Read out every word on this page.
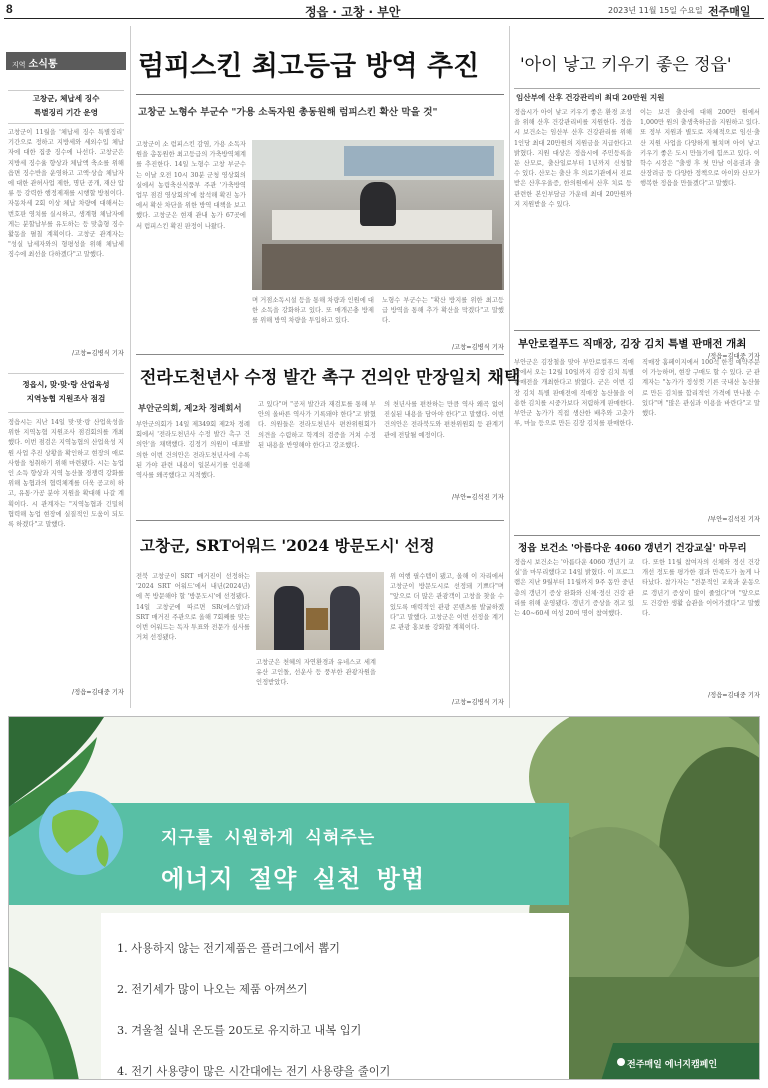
8	정읍 · 고창 · 부안	2023년 11월 15일 수요일 전주매일
지역 소식통
고창군, 체납세 징수
특별징리 기간 운영
고창군이 11월을 '체납세 징수 특별징리' 기간으로 정하고 지방세와 세외수입 체납자에 대한 집중 징수에 나선다. 고창군은 지방세 징수율 향상과 체납액 축소를 위해 읍면 징수반을 운영하고 고액·상습 체납자에 대한 관허사업 제한, 명단 공개, 재산 압류 등 강력한 행정제재를 시행할 방침이다. 자동차세 2회 이상 체납 차량에 대해서는 번호판 영치를 실시하고, 생계형 체납자에게는 분할납부를 유도하는 등 맞춤형 징수 활동을 펼칠 계획이다. 고창군 관계자는 "성실 납세자와의 형평성을 위해 체납세 징수에 최선을 다하겠다"고 말했다.
/고창=김병식 기자
정읍시, 맞·맞·랑 산업육성
지역농협 지원조사 점검
정읍시는 지난 14일 맞·맞·랑 산업육성을 위한 지역농협 지원조사 점검회의를 개최했다. 이번 점검은 지역농협의 산업육성 지원 사업 추진 상황을 확인하고 현장의 애로사항을 청취하기 위해 마련됐다. 시는 농업인 소득 향상과 지역 농산물 경쟁력 강화를 위해 농협과의 협력체계를 더욱 공고히 하고, 유통·가공 분야 지원을 확대해 나갈 계획이다. 시 관계자는 "지역농협과 긴밀히 협력해 농업 현장에 실질적인 도움이 되도록 하겠다"고 말했다.
/정읍=김대중 기자
럼피스킨 최고등급 방역 추진
고창군 노형수 부군수 "가용 소독자원 총동원해 럼피스킨 확산 막을 것"
고창군이 소 럼피스킨 감염, 가용 소독자원을 총동원한 최고등급의 가축방역체계를 추진한다. 14일 노형수 고창 부군수는 이날 오전 10시 30분 군청 영상회의실에서 농림축산식품부 주관 '가축방역 업무 점검 영상회의'에 참석해 확진 농가에서 확산 차단을 위한 방역 대책을 보고했다. 고창군은 현재 관내 농가 67곳에서 럼피스킨 확진 판정이 나왔다.
며 거점소독시설 등을 통해 차량과 인원에 대한 소독을 강화하고 있다. 또 매개곤충 방제를 위해 방역 차량을 투입하고 있다.
노형수 부군수는 "확산 방지를 위한 최고등급 방역을 통해 추가 확산을 막겠다"고 말했다.
/고창=김병식 기자
'아이 낳고 키우기 좋은 정읍'
임산부에 산후 건강관리비 최대 20만원 지원
정읍시가 아이 낳고 키우기 좋은 환경 조성을 위해 산후 건강관리비를 지원한다. 정읍시 보건소는 임산부 산후 건강관리를 위해 1인당 최대 20만원의 지원금을 지급한다고 밝혔다. 지원 대상은 정읍시에 주민등록을 둔 산모로, 출산일로부터 1년까지 신청할 수 있다. 산모는 출산 후 의료기관에서 진료받은 산후우울증, 한의원에서 산후 치료 등 관련한 본인부담금 가운데 최대 20만원까지 지원받을 수 있다.
이는 보건 출산에 대해 200만 원에서 1,000만 원의 출생축하금을 지원하고 있다. 또 정부 지원과 별도로 자체적으로 임신·출산 지원 사업을 다양하게 펼치며 아이 낳고 키우기 좋은 도시 만들기에 힘쓰고 있다. 이학수 시장은 "출생 후 첫 만남 이용권과 출산장려금 등 다양한 정책으로 아이와 산모가 행복한 정읍을 만들겠다"고 말했다.
/정읍=김대중 기자
전라도천년사 수정 발간 촉구 건의안 만장일치 채택
부안군의회, 제2차 정례회서
부안군의회가 14일 제349회 제2차 정례회에서 '전라도천년사 수정 발간 촉구 건의안'을 채택했다. 김정기 의원이 대표발의한 이번 건의안은 전라도천년사에 수록된 가야 관련 내용이 일본서기를 인용해 역사를 왜곡했다고 지적했다.
고 있다"며 "공저 발간과 재검토를 통해 부안의 올바른 역사가 기록돼야 한다"고 밝혔다. 의원들은 전라도천년사 편찬위원회가 의견을 수렴하고 학계의 검증을 거쳐 수정된 내용을 반영해야 한다고 강조했다.
의 천년사를 편찬하는 만큼 역사 왜곡 없이 진실된 내용을 담아야 한다"고 말했다. 이번 건의안은 전라북도와 편찬위원회 등 관계기관에 전달될 예정이다.
/부안=김석진 기자
고창군, SRT어워드 '2024 방문도시' 선정
전북 고창군이 SRT 매거진이 선정하는 '2024 SRT 어워드'에서 내년(2024년)에 꼭 방문해야 할 '방문도시'에 선정됐다. 14일 고창군에 따르면 SR(에스알)과 SRT 매거진 주관으로 올해 7회째를 맞는 이번 어워드는 독자 투표와 전문가 심사를 거쳐 선정됐다.
고창군은 천혜의 자연환경과 유네스코 세계유산 고인돌, 선운사 등 풍부한 관광자원을 인정받았다.
위 여행 필수템이 됐고, 올해 이 자리에서 고창군이 방문도시로 선정돼 기쁘다"며 "앞으로 더 많은 관광객이 고창을 찾을 수 있도록 매력적인 관광 콘텐츠를 발굴하겠다"고 말했다. 고창군은 이번 선정을 계기로 관광 홍보를 강화할 계획이다.
/고창=김병식 기자
부안로컬푸드 직매장, 김장 김치 특별 판매전 개최
부안군은 김장철을 맞아 부안로컬푸드 직매장에서 오는 12월 10일까지 김장 김치 특별 판매전을 개최한다고 밝혔다. 군은 이번 김장 김치 특별 판매전에 직매장 농산물을 이용한 김치를 시중가보다 저렴하게 판매한다. 부안군 농가가 직접 생산한 배추와 고춧가루, 마늘 등으로 만든 김장 김치를 판매한다.
직매장 홈페이지에서 100석 한정 예약주문이 가능하며, 현장 구매도 할 수 있다. 군 관계자는 "농가가 정성껏 기른 국내산 농산물로 만든 김치를 합리적인 가격에 만나볼 수 있다"며 "많은 관심과 이용을 바란다"고 말했다.
/부안=김석진 기자
정읍 보건소 '아름다운 4060 갱년기 건강교실' 마무리
정읍시 보건소는 '아름다운 4060 갱년기 교실'을 마무리했다고 14일 밝혔다. 이 프로그램은 지난 9월부터 11월까지 9주 동안 중년층의 갱년기 증상 완화와 신체·정신 건강 관리를 위해 운영됐다. 갱년기 증상을 겪고 있는 40~60세 여성 20여 명이 참여했다.
다. 또한 11월 참여자의 신체와 정신 건강 개선 정도를 평가한 결과 만족도가 높게 나타났다. 참가자는 "전문적인 교육과 운동으로 갱년기 증상이 많이 줄었다"며 "앞으로도 건강한 생활 습관을 이어가겠다"고 말했다.
/정읍=김대중 기자
지구를 시원하게 식혀주는
에너지 절약 실천 방법
1. 사용하지 않는 전기제품은 플러그에서 뽑기
2. 전기세가 많이 나오는 제품 아껴쓰기
3. 겨울철 실내 온도를 20도로 유지하고 내복 입기
4. 전기 사용량이 많은 시간대에는 전기 사용량을 줄이기	전주매일 에너지캠페인
